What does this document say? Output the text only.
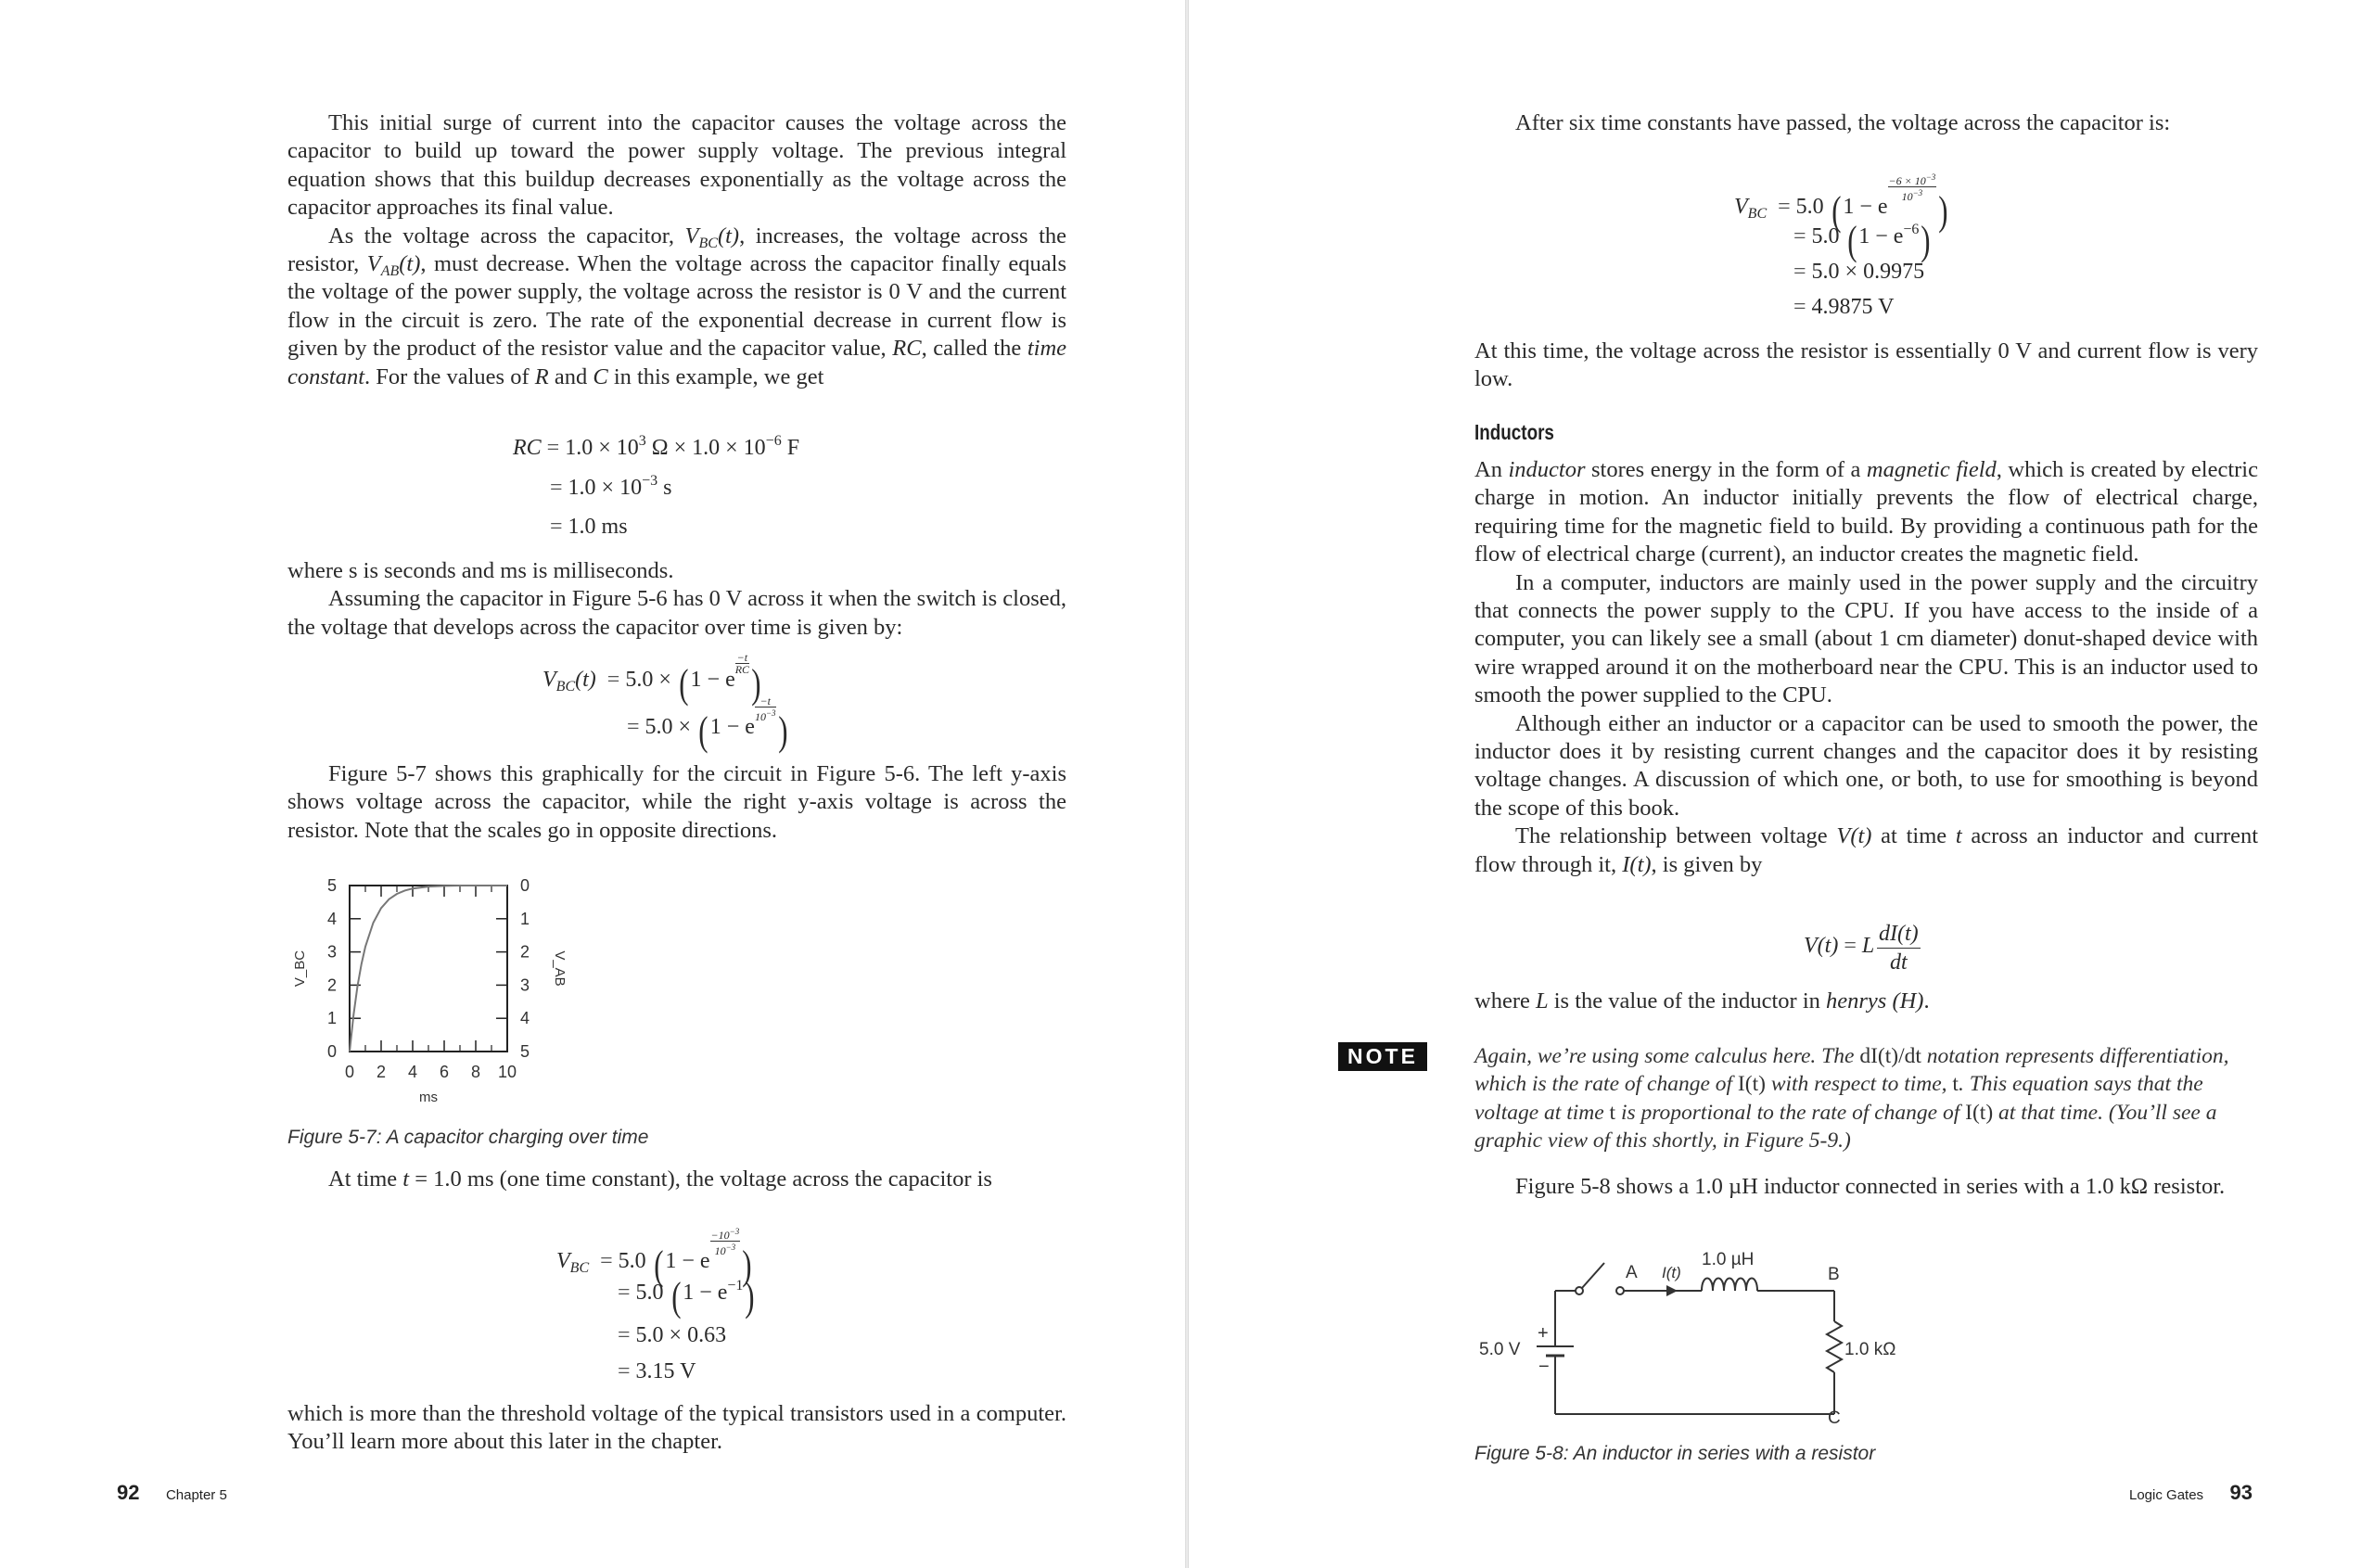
This initial surge of current into the capacitor causes the voltage across the capacitor to build up toward the power supply voltage. The previous integral equation shows that this buildup decreases exponentially as the voltage across the capacitor approaches its final value.

As the voltage across the capacitor, $V_{BC}(t)$, increases, the voltage across the resistor, $V_{AB}(t)$, must decrease. When the voltage across the capacitor finally equals the voltage of the power supply, the voltage across the resistor is 0 V and the current flow in the circuit is zero. The rate of the exponential decrease in current flow is given by the product of the resistor value and the capacitor value, RC, called the time constant. For the values of R and C in this example, we get

RC = $1.0 \times 10^3$ $\Omega \times 1.0 \times 10^{-6}$ F
= $1.0 \times 10^{-3}$ s
= 1.0 ms

where s is seconds and ms is milliseconds.

Assuming the capacitor in Figure 5-6 has 0 V across it when the switch is closed, the voltage that develops across the capacitor over time is given by:

$V_{BC}(t) = 5.0 \times (1 - e$
$\frac{-t}{RC}$ )
= 5.0 × (1 − e
$\frac{-t}{10^{-3}}$ )

Figure 5-7 shows this graphically for the circuit in Figure 5-6. The left y-axis shows voltage across the capacitor, while the right y-axis voltage is across the resistor. Note that the scales go in opposite directions.

0 2 4 6 8 10
0
1
2
3
4
5
5
4
3
2
1
0
ms
V_BC	V_AB
Figure 5-7: A capacitor charging over time

At time t = 1.0 ms (one time constant), the voltage across the capacitor is

$V_{BC} = 5.0$ (1 − e
$\frac{-10^{-3}}{10^{-3}}$
)
= 5.0 $(1 - e^{-1})$
= 5.0 × 0.63
= 3.15 V

which is more than the threshold voltage of the typical transistors used in a computer. You’ll learn more about this later in the chapter.

92 Chapter 5

After six time constants have passed, the voltage across the capacitor is:

$V_{BC} = 5.0$ (1 − e
$\frac{-6 \times 10^{-3}}{10^{-3}}$
)
= 5.0 $(1 - e^{-6})$
= 5.0 × 0.9975
= 4.9875 V

At this time, the voltage across the resistor is essentially 0 V and current flow is very low.

Inductors

An inductor stores energy in the form of a magnetic field, which is created by electric charge in motion. An inductor initially prevents the flow of electrical charge, requiring time for the magnetic field to build. By providing a continuous path for the flow of electrical charge (current), an inductor creates the magnetic field.

In a computer, inductors are mainly used in the power supply and the circuitry that connects the power supply to the CPU. If you have access to the inside of a computer, you can likely see a small (about 1 cm diameter) donut-shaped device with wire wrapped around it on the motherboard near the CPU. This is an inductor used to smooth the power supplied to the CPU.

Although either an inductor or a capacitor can be used to smooth the power, the inductor does it by resisting current changes and the capacitor does it by resisting voltage changes. A discussion of which one, or both, to use for smoothing is beyond the scope of this book.

The relationship between voltage V(t) at time t across an inductor and current flow through it, I(t), is given by

V(t) = L dI(t)
dt

where L is the value of the inductor in henrys (H).

NOTE	Again, we’re using some calculus here. The dI(t)/dt notation represents differentiation, which is the rate of change of I(t) with respect to time, t. This equation says that the voltage at time t is proportional to the rate of change of I(t) at that time. (You’ll see a graphic view of this shortly, in Figure 5-9.)

Figure 5-8 shows a 1.0 µH inductor connected in series with a 1.0 kΩ resistor.

5.0 V
+
−
A I(t)
1.0 µH
B
1.0 kΩ
C
Figure 5-8: An inductor in series with a resistor
Logic Gates 93
